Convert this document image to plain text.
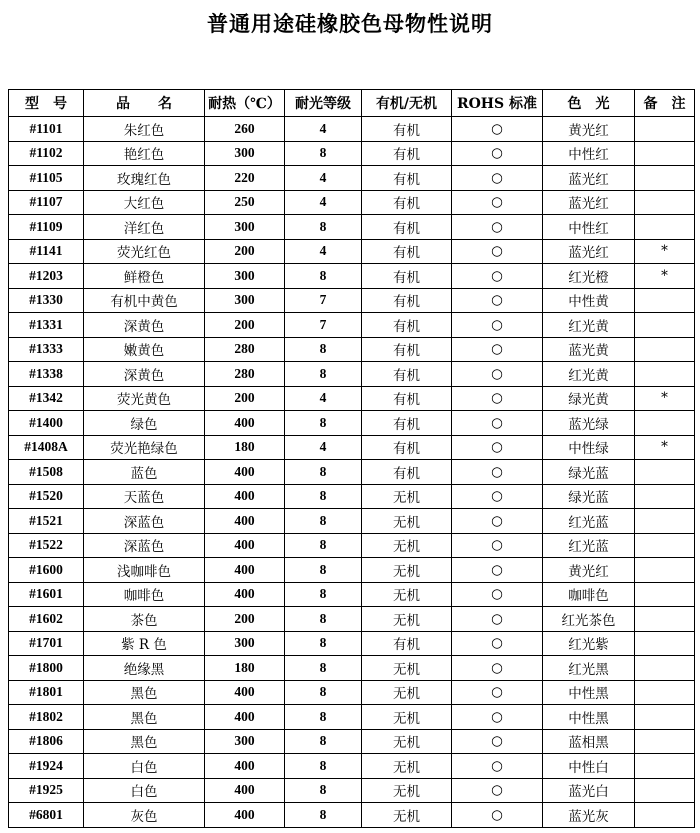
普通用途硅橡胶色母物性说明
型　号	品　　名	耐热（℃）	耐光等级	有机/无机	ROHS 标准	色　光	备　注
#1101	朱红色	260	4	有机	○	黄光红	
#1102	艳红色	300	8	有机	○	中性红	
#1105	玫瑰红色	220	4	有机	○	蓝光红	
#1107	大红色	250	4	有机	○	蓝光红	
#1109	洋红色	300	8	有机	○	中性红	
#1141	荧光红色	200	4	有机	○	蓝光红	*
#1203	鲜橙色	300	8	有机	○	红光橙	*
#1330	有机中黄色	300	7	有机	○	中性黄	
#1331	深黄色	200	7	有机	○	红光黄	
#1333	嫩黄色	280	8	有机	○	蓝光黄	
#1338	深黄色	280	8	有机	○	红光黄	
#1342	荧光黄色	200	4	有机	○	绿光黄	*
#1400	绿色	400	8	有机	○	蓝光绿	
#1408A	荧光艳绿色	180	4	有机	○	中性绿	*
#1508	蓝色	400	8	有机	○	绿光蓝	
#1520	天蓝色	400	8	无机	○	绿光蓝	
#1521	深蓝色	400	8	无机	○	红光蓝	
#1522	深蓝色	400	8	无机	○	红光蓝	
#1600	浅咖啡色	400	8	无机	○	黄光红	
#1601	咖啡色	400	8	无机	○	咖啡色	
#1602	茶色	200	8	无机	○	红光茶色	
#1701	紫 R 色	300	8	有机	○	红光紫	
#1800	绝缘黑	180	8	无机	○	红光黑	
#1801	黑色	400	8	无机	○	中性黑	
#1802	黑色	400	8	无机	○	中性黑	
#1806	黑色	300	8	无机	○	蓝相黑	
#1924	白色	400	8	无机	○	中性白	
#1925	白色	400	8	无机	○	蓝光白	
#6801	灰色	400	8	无机	○	蓝光灰	
